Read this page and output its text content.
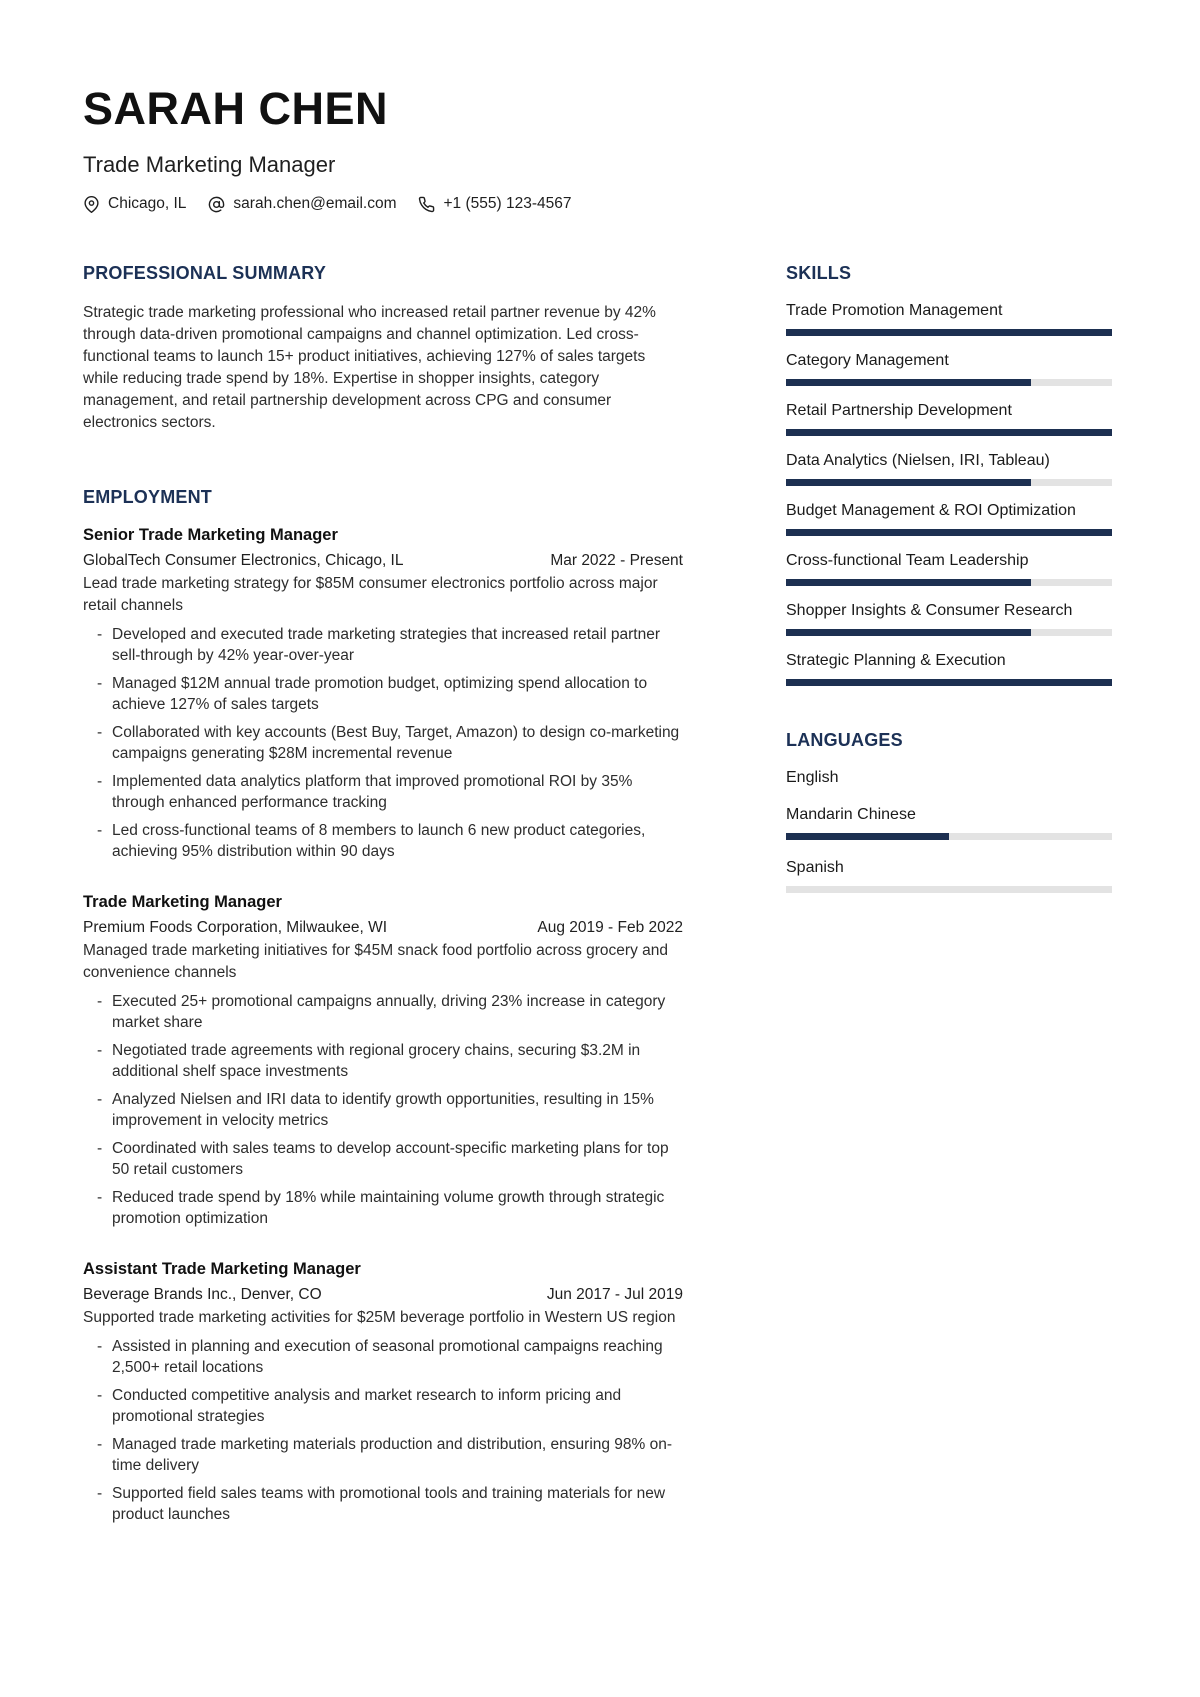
SARAH CHEN
Trade Marketing Manager
Chicago, IL	sarah.chen@email.com	+1 (555) 123-4567
PROFESSIONAL SUMMARY

Strategic trade marketing professional who increased retail partner revenue by 42% through data-driven promotional campaigns and channel optimization. Led cross-functional teams to launch 15+ product initiatives, achieving 127% of sales targets while reducing trade spend by 18%. Expertise in shopper insights, category management, and retail partnership development across CPG and consumer electronics sectors.

EMPLOYMENT
Senior Trade Marketing Manager
GlobalTech Consumer Electronics, Chicago, IL	Mar 2022 - Present

Lead trade marketing strategy for $85M consumer electronics portfolio across major retail channels

- Developed and executed trade marketing strategies that increased retail partner sell-through by 42% year-over-year
- Managed $12M annual trade promotion budget, optimizing spend allocation to achieve 127% of sales targets
- Collaborated with key accounts (Best Buy, Target, Amazon) to design co-marketing campaigns generating $28M incremental revenue
- Implemented data analytics platform that improved promotional ROI by 35% through enhanced performance tracking
- Led cross-functional teams of 8 members to launch 6 new product categories, achieving 95% distribution within 90 days
Trade Marketing Manager
Premium Foods Corporation, Milwaukee, WI	Aug 2019 - Feb 2022

Managed trade marketing initiatives for $45M snack food portfolio across grocery and convenience channels

- Executed 25+ promotional campaigns annually, driving 23% increase in category market share
- Negotiated trade agreements with regional grocery chains, securing $3.2M in additional shelf space investments
- Analyzed Nielsen and IRI data to identify growth opportunities, resulting in 15% improvement in velocity metrics
- Coordinated with sales teams to develop account-specific marketing plans for top 50 retail customers
- Reduced trade spend by 18% while maintaining volume growth through strategic promotion optimization
Assistant Trade Marketing Manager
Beverage Brands Inc., Denver, CO	Jun 2017 - Jul 2019

Supported trade marketing activities for $25M beverage portfolio in Western US region

- Assisted in planning and execution of seasonal promotional campaigns reaching 2,500+ retail locations
- Conducted competitive analysis and market research to inform pricing and promotional strategies
- Managed trade marketing materials production and distribution, ensuring 98% on-time delivery
- Supported field sales teams with promotional tools and training materials for new product launches
SKILLS
Trade Promotion Management
Category Management
Retail Partnership Development
Data Analytics (Nielsen, IRI, Tableau)
Budget Management & ROI Optimization
Cross-functional Team Leadership
Shopper Insights & Consumer Research
Strategic Planning & Execution
LANGUAGES
English
Mandarin Chinese
Spanish
